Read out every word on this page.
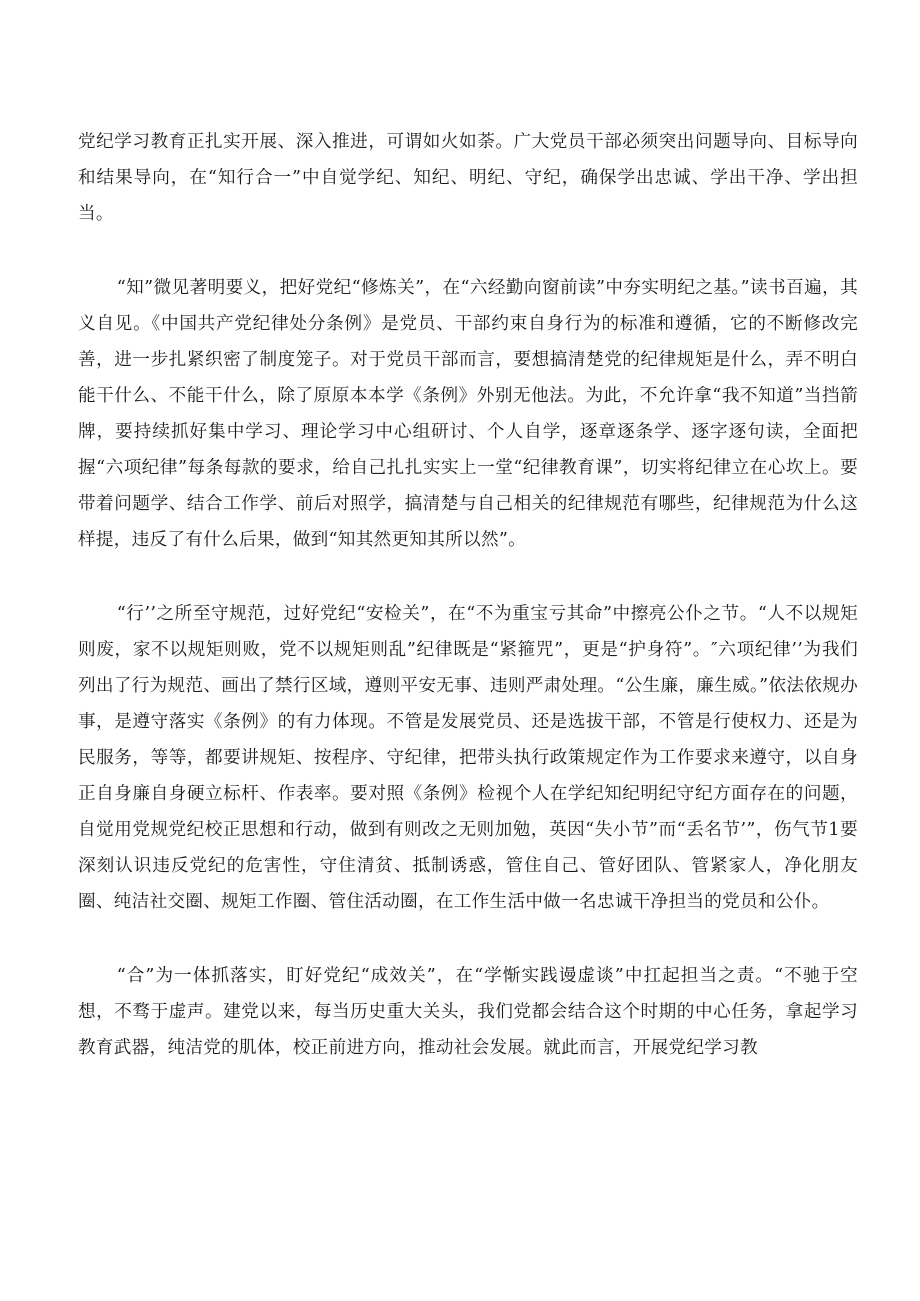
党纪学习教育正扎实开展、深入推进，可谓如火如荼。广大党员干部必须突出问题导向、目标导向和结果导向，在“知行合一”中自觉学纪、知纪、明纪、守纪，确保学出忠诚、学出干净、学出担当。

“知”微见著明要义，把好党纪“修炼关”，在“六经勤向窗前读”中夯实明纪之基。”读书百遍，其义自见。《中国共产党纪律处分条例》是党员、干部约束自身行为的标准和遵循，它的不断修改完善，进一步扎紧织密了制度笼子。对于党员干部而言，要想搞清楚党的纪律规矩是什么，弄不明白能干什么、不能干什么，除了原原本本学《条例》外别无他法。为此，不允许拿“我不知道”当挡箭牌，要持续抓好集中学习、理论学习中心组研讨、个人自学，逐章逐条学、逐字逐句读，全面把握“六项纪律”每条每款的要求，给自己扎扎实实上一堂“纪律教育课”，切实将纪律立在心坎上。要带着问题学、结合工作学、前后对照学，搞清楚与自己相关的纪律规范有哪些，纪律规范为什么这样提，违反了有什么后果，做到“知其然更知其所以然”。

“行’’之所至守规范，过好党纪“安检关”，在“不为重宝亏其命”中擦亮公仆之节。“人不以规矩则废，家不以规矩则败，党不以规矩则乱”纪律既是“紧箍咒”，更是“护身符”。″六项纪律’’为我们列出了行为规范、画出了禁行区域，遵则平安无事、违则严肃处理。“公生廉，廉生威。”依法依规办事，是遵守落实《条例》的有力体现。不管是发展党员、还是选拔干部，不管是行使权力、还是为民服务，等等，都要讲规矩、按程序、守纪律，把带头执行政策规定作为工作要求来遵守，以自身正自身廉自身硬立标杆、作表率。要对照《条例》检视个人在学纪知纪明纪守纪方面存在的问题，自觉用党规党纪校正思想和行动，做到有则改之无则加勉，英因“失小节”而“丢名节’”，伤气节1要深刻认识违反党纪的危害性，守住清贫、抵制诱惑，管住自己、管好团队、管紧家人，净化朋友圈、纯洁社交圈、规矩工作圈、管住活动圈，在工作生活中做一名忠诚干净担当的党员和公仆。

“合”为一体抓落实，盯好党纪“成效关”，在“学惭实践谩虚谈”中扛起担当之责。“不驰于空想，不骛于虚声。建党以来，每当历史重大关头，我们党都会结合这个时期的中心任务，拿起学习教育武器，纯洁党的肌体，校正前进方向，推动社会发展。就此而言，开展党纪学习教
